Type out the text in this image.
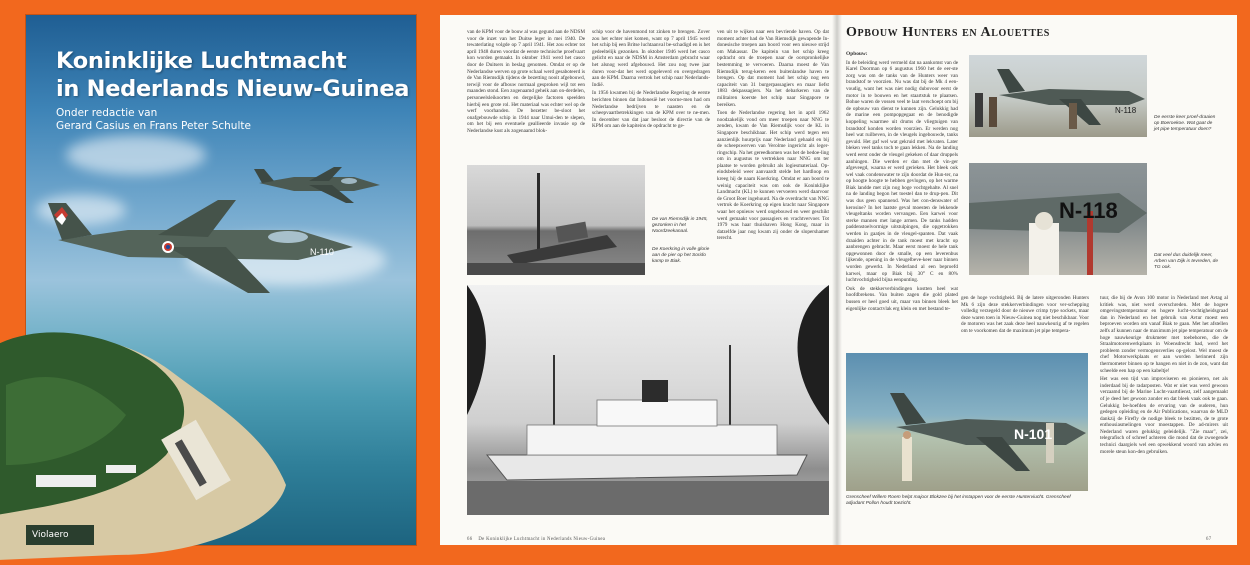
Koninklijke Luchtmacht
in Nederlands Nieuw-Guinea
Onder redactie van
Gerard Casius en Frans Peter Schulte
N-110
Violaero

van de KPM voor de bouw al was gegund aan de NDSM voor de inzet van het Duitse leger in mei 1940. De tewaterlating volgde op 7 april 1941. Het zou echter tot april 1948 duren voordat de eerste technische proefvaart kon worden gemaakt. In oktober 1941 werd het casco door de Duitsers in beslag genomen. Omdat er op de Nederlandse werven op grote schaal werd gesaboteerd is de Van Riemsdijk tijdens de bezetting nooit afgebouwd, terwijl voor de afbouw normaal gesproken wijl tot een maanden stond. Een zogenaamd geheik aan on-derdelen, personeelsleikoorten en dergelijke factoren speelden hierbij een grote rol. Het materiaal was echter wel op de werf voorhanden. De bezetter be-sloot het onafgebouwde schip in 1944 naar Umui-den te slepen, om het bij een eventuele geallieerde invasie op de Nederlandse kust als zogenaamd blok-

schip voor de havenmond tot zinken te brengen. Zover zou het echter niet komen, want op 7 april 1945 werd het schip bij een Britse luchtaanval be-schadigd en is het gedeeltelijk gezonken. In oktober 1946 werd het casco gelicht en naar de NDSM in Amsterdam gebracht waar het alsnog werd afgebouwd. Het zou nog twee jaar duren voor-dat het werd opgeleverd en overgedragen aan de KPM. Daarna vertrok het schip naar Nederlands-Indië.

In 1956 kwamen bij de Nederlandse Regering de eerste berichten binnen dat Indonesië het voorne-men had om Nederlandse bedrijven te naasten en de scheepvaartbetrekkingen van de KPM over te ne-men. In december van dat jaar besloot de directie van de KPM om aan de kapiteins de opdracht te ge-

ven uit te wijken naar een bevriende haven. Op dat moment achter had de Van Riemsdijk gewapende In-donesische troepen aan boord voor een nieuwe strijd om Makassar. De kapitein van het schip kreeg opdracht om de troepen naar de oorspronkelijke bestemming te vervoeren. Daarna moest de Van Riemsdijk terug-keren een buitenlandse haven te brengen. Op dat moment had het schip nog een capaciteit van 31 burgerpassagiers en maar liefst 1883 dekpassagiers. Na het debarkeren van de militairen koerste het schip naar Singapore te bereiken.

Toen de Nederlandse regering het in april 1962 noodzakelijk vond om meer troepen naar NNG te zenden, kwam de Van Riemsdijk voor de KL in Singapore beschikbaar. Het schip werd tegen een aanzienlijk huurprijs naar Nederland gehaald en bij de scheepswerven van Verolme ingericht als leger-ringschip. Na het gereedkomen was het de bedoe-ling om in augustus te vertrekken naar NNG om ter plaatse te worden gebruikt als logiesmateriaal. Op-eindsbeleid weer aanvaardt stelde het hardloop en kreeg hij de naam Koerkring. Omdat er aan boord te weinig capaciteit was om ook de Koninklijke Landmacht (KL) te kunnen vervoeren werd daarvoor de Groot Boer ingehuurd. Na de overdracht van NNG vertrok de Koerkring op eigen kracht naar Singapore waar het opnieuw werd ongebouwd en weer geschikt werd gemaakt voor passagiers en vrachtvervoer. Tot 1979 was haar thuishaven Hong Kong, maar in datzelfde jaar nog kwam zij onder de slopershamer terecht.

De van Riemsdijk in 1945, gezonken in het Noordzeekanaal.
De Koerkring in volle glorie aan de pier op het Sorido kamp te Biak.
66 De Koninklijke Luchtmacht in Nederlands Nieuw-Guinea
Opbouw Hunters en Alouettes

Opbouw:

In de beleiding werd vermeld dat na aankomst van de Karel Doorman op 6 augustus 1960 het de eer-ste zorg was om de tanks van de Hunters weer van brandstof te voorzien. Nu was dat bij de Mk 4 een-voudig, want het was niet nodig dubovoor eerst de motor in te bouwen en het staartstuk te plaatsen. Bohue waren de vossen veel te laat verschoept om bij de opbouw van dienst te kunnen zijn. Gelukkig had de marine een pompopgegaat en de benodigde koppeling waarmee uit drums de vliegtuigen van brandstof konden worden voorzien. Er werden nog heel wat ruilbeven, in de vleugels ingebouwde, tanks gevuld. Het gaf wel wat gekruid met lekvaten. Later bleken veel tanks toch te gaan lekken. Na de landing werd eerst onder de vleugel gekeken of daar druppels aanhingen. Die werden er dan met de vin-ger afgeveegd, waarna er werd gerieken. Het bleek ook wel vaak condenswater te zijn doordat de Hun-ter, na op hoogte hoogte te hebben gevlogen, op het warme Biak landde met zijn nog hoge vochtgehalte. Al snel na de landing begon het toestel dan te drup-pen. Dit was dus geen spannend. Was het con-denswater of kerosine? In het laatste geval moesten de lekkende vleugeltanks worden vervangen. Een karwei voor sterke mannen met lange armen. De tanks hadden paddenstoelvormige uitstulpingen, die opgetrokken werden in gaatjes in de vleugel-spanten. Dat vaak draaiden achter in de tank moest met kracht op aanbrengen gebracht. Maar eerst moest de hele tank opgewonnen door de smalle, op een leverenbus lijkende, opening in de vleugelbeve-keer naar binnen worden gewerkt. In Nederland al een beproefd karwei, maar op Biak bij 30° C en 80% luchtvochtigheid bijna eenpunting.

Ook de stekkerverbindingen kostten heel wat hoofdbrekens. Van buiten zagen die gold plated bussen er heel goed uit, maar van binnen bleek het eigenlijke contactvlak erg klein en met bestand te-

N-118
De eerste keer proef-draaien op Boeroekoe. Wat gaat de jet pipe temperatuur doen?
N-118
Dat veel dus duidelijk meer, Arben van Dijk is tevreden, de TG ook.

gen de hoge vochtigheid. Bij de latere uitgeronden Hunters Mk 6 zijn deze stekkerverbindingen voor ver-schepping volledig verzegeld door de nieuwe crimp type sockets, maar deze waren toen in Nieuw-Guinea nog niet beschikbaar. Voor de motoren was het zaak deze heel nauwkeurig af te regelen om te voorkomen dat de maximum jet pipe tempera-

tuur, die bij de Avon 100 motor in Nederland met Avtag al kritiek was, niet werd overschreden. Met de hogere omgevingstemperatuur en hogere lucht-vochtigheidsgraad dan in Nederland en het gebruik van Avtur moest een beproeven worden om vanaf Biak te gaan. Met het afstellen zelfs af kunnen naar de maximum jet pipe temperatuur om de hoge nauwkeurige drukmeter met toebehoren, die de Straalmotorenwerkplaats in Woensdrecht had, werd het probleem zonder vermogensverlies op-gelost. Wel moest de chef Motorwerkplaats er aan worden herinnerd zijn thermometer binnen op te hangen en niet in de zon, want dat scheelde een hap op een kabeltje!

Het was een tijd van improviseren en pionieren, net als inderdaad bij de radarposten. Wat er niet was werd gewoon verzaamd bij de Marine Lucht-vaartdienst, zelf aangemaakt of je deed het gewoon zonder en dat bleek vaak ook te gaan. Gelukkig be-hoefden de ervaring van de ouderen, hun gedegen opleiding en de Air Publications, waarvan de MLD dankzij de Firefly de nodige bleek te bezitten, de te grote enthousiasmelingen voor moestappen. De ad-mirers uit Nederland waren gelukkig geleidelijk. "Zie maar", zei, telegrafisch of schreef achteren die mond dat de zwoegende technici daargiels wel een opwekkend woord van advies en morele steun kon-den gebruiken.

N-101
Grenscheef Willem Roem helpt majoor Blokzee bij het instappen voor de eerste Hunterviucht. Grenscheef adjudant Pollon houdt toezicht.
67
